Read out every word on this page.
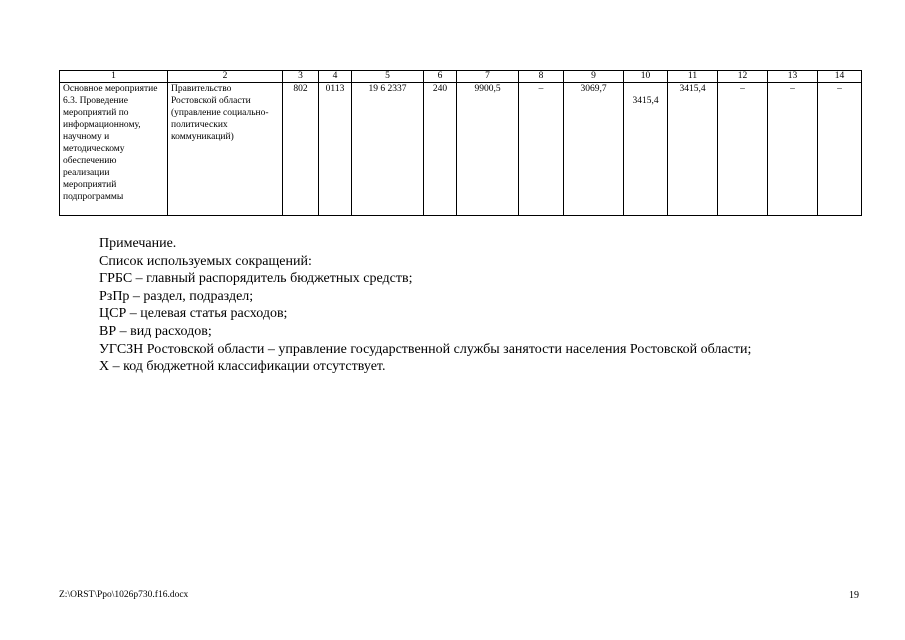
1	2	3	4	5	6	7	8	9	10	11	12	13	14
Основное мероприятие 6.3. Проведение мероприятий по информационному, научному и методическому обеспечению реализации мероприятий подпрограммы	Правительство Ростовской области (управление социально-политических коммуникаций)	802	0113	19 6 2337	240	9900,5	–	3069,7	3415,4	3415,4	–	–	–
Примечание.
Список используемых сокращений:
ГРБС – главный распорядитель бюджетных средств;
РзПр – раздел, подраздел;
ЦСР – целевая статья расходов;
ВР – вид расходов;
УГСЗН Ростовской области – управление государственной службы занятости населения Ростовской области;
Х – код бюджетной классификации отсутствует.
Z:\ORST\Ppo\1026p730.f16.docx	19
